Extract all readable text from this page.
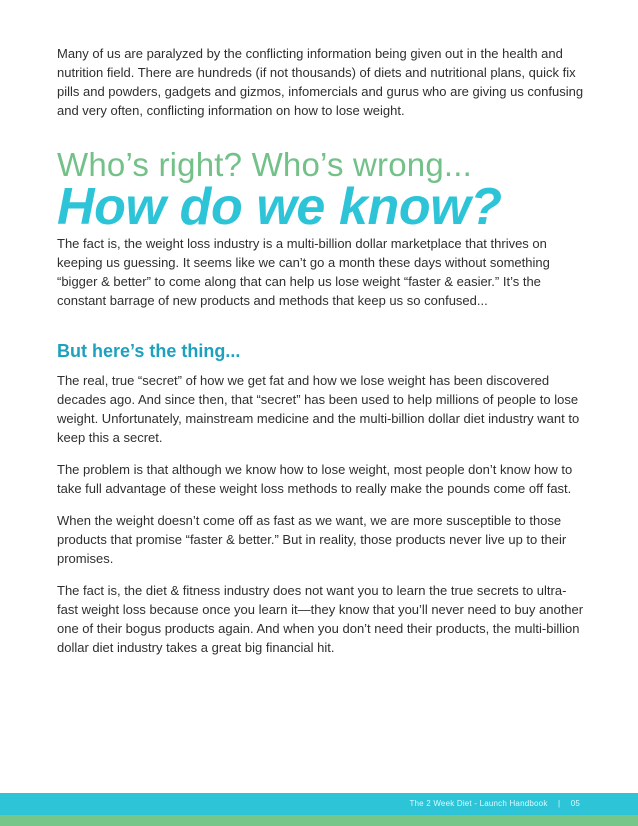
Many of us are paralyzed by the conflicting information being given out in the health and nutrition field. There are hundreds (if not thousands) of diets and nutritional plans, quick fix pills and powders, gadgets and gizmos, infomercials and gurus who are giving us confusing and very often, conflicting information on how to lose weight.

Who’s right? Who’s wrong...
How do we know?

The fact is, the weight loss industry is a multi-billion dollar marketplace that thrives on keeping us guessing. It seems like we can’t go a month these days without something “bigger & better” to come along that can help us lose weight “faster & easier.” It’s the constant barrage of new products and methods that keep us so confused...

But here’s the thing...

The real, true “secret” of how we get fat and how we lose weight has been discovered decades ago. And since then, that “secret” has been used to help millions of people to lose weight. Unfortunately, mainstream medicine and the multi-billion dollar diet industry want to keep this a secret.

The problem is that although we know how to lose weight, most people don’t know how to take full advantage of these weight loss methods to really make the pounds come off fast.

When the weight doesn’t come off as fast as we want, we are more susceptible to those products that promise “faster & better.” But in reality, those products never live up to their promises.

The fact is, the diet & fitness industry does not want you to learn the true secrets to ultra-fast weight loss because once you learn it—they know that you’ll never need to buy another one of their bogus products again. And when you don’t need their products, the multi-billion dollar diet industry takes a great big financial hit.

The 2 Week Diet - Launch Handbook | 05
